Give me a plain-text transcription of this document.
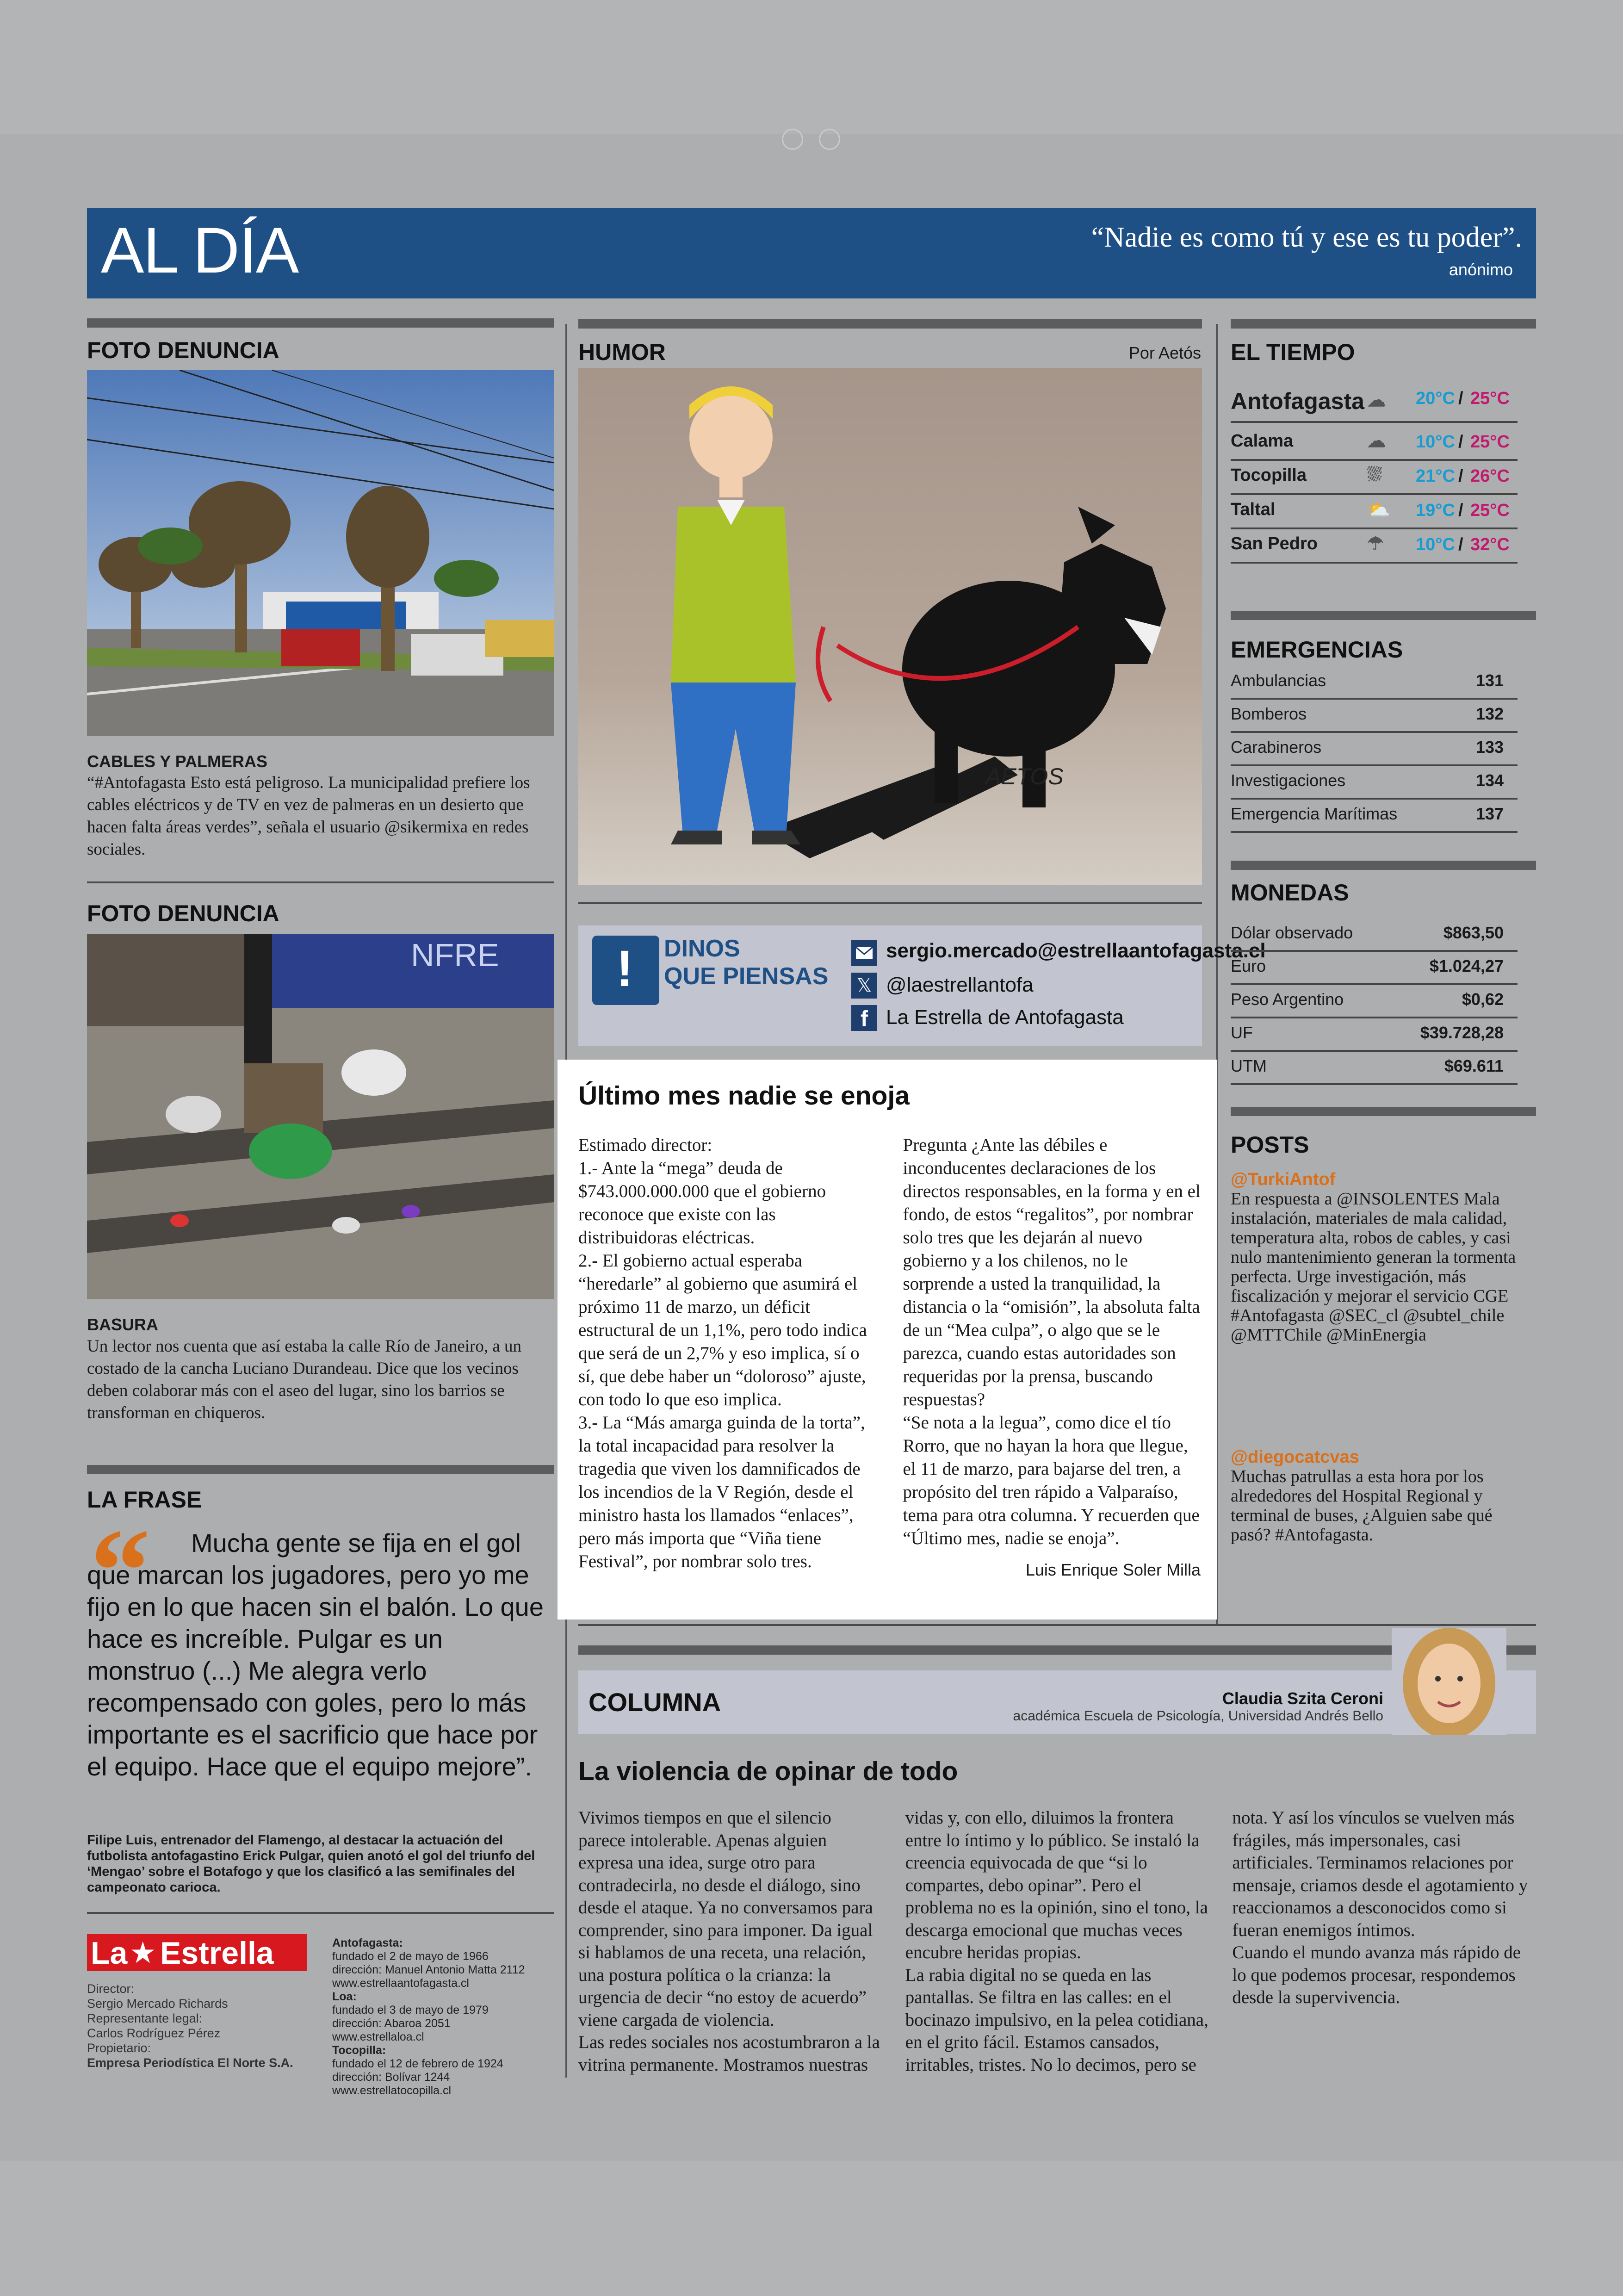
AL DÍA	“Nadie es como tú y ese es tu poder”.
anónimo
FOTO DENUNCIA
CABLES Y PALMERAS
“#Antofagasta Esto está peligroso. La municipalidad prefiere los cables eléctricos y de TV en vez de palmeras en un desierto que hacen falta áreas verdes”, señala el usuario @sikermixa en redes sociales.
FOTO DENUNCIA
NFRE
BASURA
Un lector nos cuenta que así estaba la calle Río de Janeiro, a un costado de la cancha Luciano Durandeau. Dice que los vecinos deben colaborar más con el aseo del lugar, sino los barrios se transforman en chiqueros.
LA FRASE
“	Mucha gente se fija en el gol que marcan los jugadores, pero yo me fijo en lo que hacen sin el balón. Lo que hace es increíble. Pulgar es un monstruo (...) Me alegra verlo recompensado con goles, pero lo más importante es el sacrificio que hace por el equipo. Hace que el equipo mejore”.
Filipe Luis, entrenador del Flamengo, al destacar la actuación del futbolista antofagastino Erick Pulgar, quien anotó el gol del triunfo del ‘Mengao’ sobre el Botafogo y que los clasificó a las semifinales del campeonato carioca.
La ★ Estrella
Director:
Sergio Mercado Richards
Representante legal:
Carlos Rodríguez Pérez
Propietario:
Empresa Periodística El Norte S.A.
Antofagasta:
fundado el 2 de mayo de 1966
dirección: Manuel Antonio Matta 2112
www.estrellaantofagasta.cl
Loa:
fundado el 3 de mayo de 1979
dirección: Abaroa 2051
www.estrellaloa.cl
Tocopilla:
fundado el 12 de febrero de 1924
dirección: Bolívar 1244
www.estrellatocopilla.cl
HUMOR	Por Aetós
AETOS
! DINOS
QUE PIENSAS
sergio.mercado@estrellaantofagasta.cl
𝕏 @laestrellantofa
f La Estrella de Antofagasta
Último mes nadie se enoja

Estimado director:

1.- Ante la “mega” deuda de $743.000.000.000 que el gobierno reconoce que existe con las distribuidoras eléctricas.

2.- El gobierno actual esperaba “heredarle” al gobierno que asumirá el próximo 11 de marzo, un déficit estructural de un 1,1%, pero todo indica que será de un 2,7% y eso implica, sí o sí, que debe haber un “doloroso” ajuste, con todo lo que eso implica.

3.- La “Más amarga guinda de la torta”, la total incapacidad para resolver la tragedia que viven los damnificados de los incendios de la V Región, desde el ministro hasta los llamados “enlaces”, pero más importa que “Viña tiene Festival”, por nombrar solo tres.

Pregunta ¿Ante las débiles e inconducentes declaraciones de los directos responsables, en la forma y en el fondo, de estos “regalitos”, por nombrar solo tres que les dejarán al nuevo gobierno y a los chilenos, no le sorprende a usted la tranquilidad, la distancia o la “omisión”, la absoluta falta de un “Mea culpa”, o algo que se le parezca, cuando estas autoridades son requeridas por la prensa, buscando respuestas?

“Se nota a la legua”, como dice el tío Rorro, que no hayan la hora que llegue, el 11 de marzo, para bajarse del tren, a propósito del tren rápido a Valparaíso, tema para otra columna. Y recuerden que “Último mes, nadie se enoja”.

Luis Enrique Soler Milla
EL TIEMPO
Antofagasta ☁ 20°C / 25°C
Calama	☁ 10°C / 25°C
Tocopilla	⛆ 21°C / 26°C
Taltal	⛅ 19°C / 25°C
San Pedro	☂ 10°C / 32°C
EMERGENCIAS
Ambulancias	131
Bomberos	132
Carabineros	133
Investigaciones	134
Emergencia Marítimas	137
MONEDAS
Dólar observado	$863,50
Euro	$1.024,27
Peso Argentino	$0,62
UF	$39.728,28
UTM	$69.611
POSTS
@TurkiAntof
En respuesta a @INSOLENTES Mala instalación, materiales de mala calidad, temperatura alta, robos de cables, y casi nulo mantenimiento generan la tormenta perfecta. Urge investigación, más fiscalización y mejorar el servicio CGE #Antofagasta @SEC_cl @subtel_chile @MTTChile @MinEnergia
@diegocatcvas
Muchas patrullas a esta hora por los alrededores del Hospital Regional y terminal de buses, ¿Alguien sabe qué pasó? #Antofagasta.
COLUMNA	Claudia Szita Ceroni
académica Escuela de Psicología, Universidad Andrés Bello
La violencia de opinar de todo

Vivimos tiempos en que el silencio parece intolerable. Apenas alguien expresa una idea, surge otro para contradecirla, no desde el diálogo, sino desde el ataque. Ya no conversamos para comprender, sino para imponer. Da igual si hablamos de una receta, una relación, una postura política o la crianza: la urgencia de decir “no estoy de acuerdo” viene cargada de violencia.

Las redes sociales nos acostumbraron a la vitrina permanente. Mostramos nuestras vidas y, con ello, diluimos la frontera entre lo íntimo y lo público. Se instaló la creencia equivocada de que “si lo compartes, debo opinar”. Pero el problema no es la opinión, sino el tono, la descarga emocional que muchas veces encubre heridas propias.

La rabia digital no se queda en las pantallas. Se filtra en las calles: en el bocinazo impulsivo, en la pelea cotidiana, en el grito fácil. Estamos cansados, irritables, tristes. No lo decimos, pero se nota. Y así los vínculos se vuelven más frágiles, más impersonales, casi artificiales. Terminamos relaciones por mensaje, criamos desde el agotamiento y reaccionamos a desconocidos como si fueran enemigos íntimos.

Cuando el mundo avanza más rápido de lo que podemos procesar, respondemos desde la supervivencia.
